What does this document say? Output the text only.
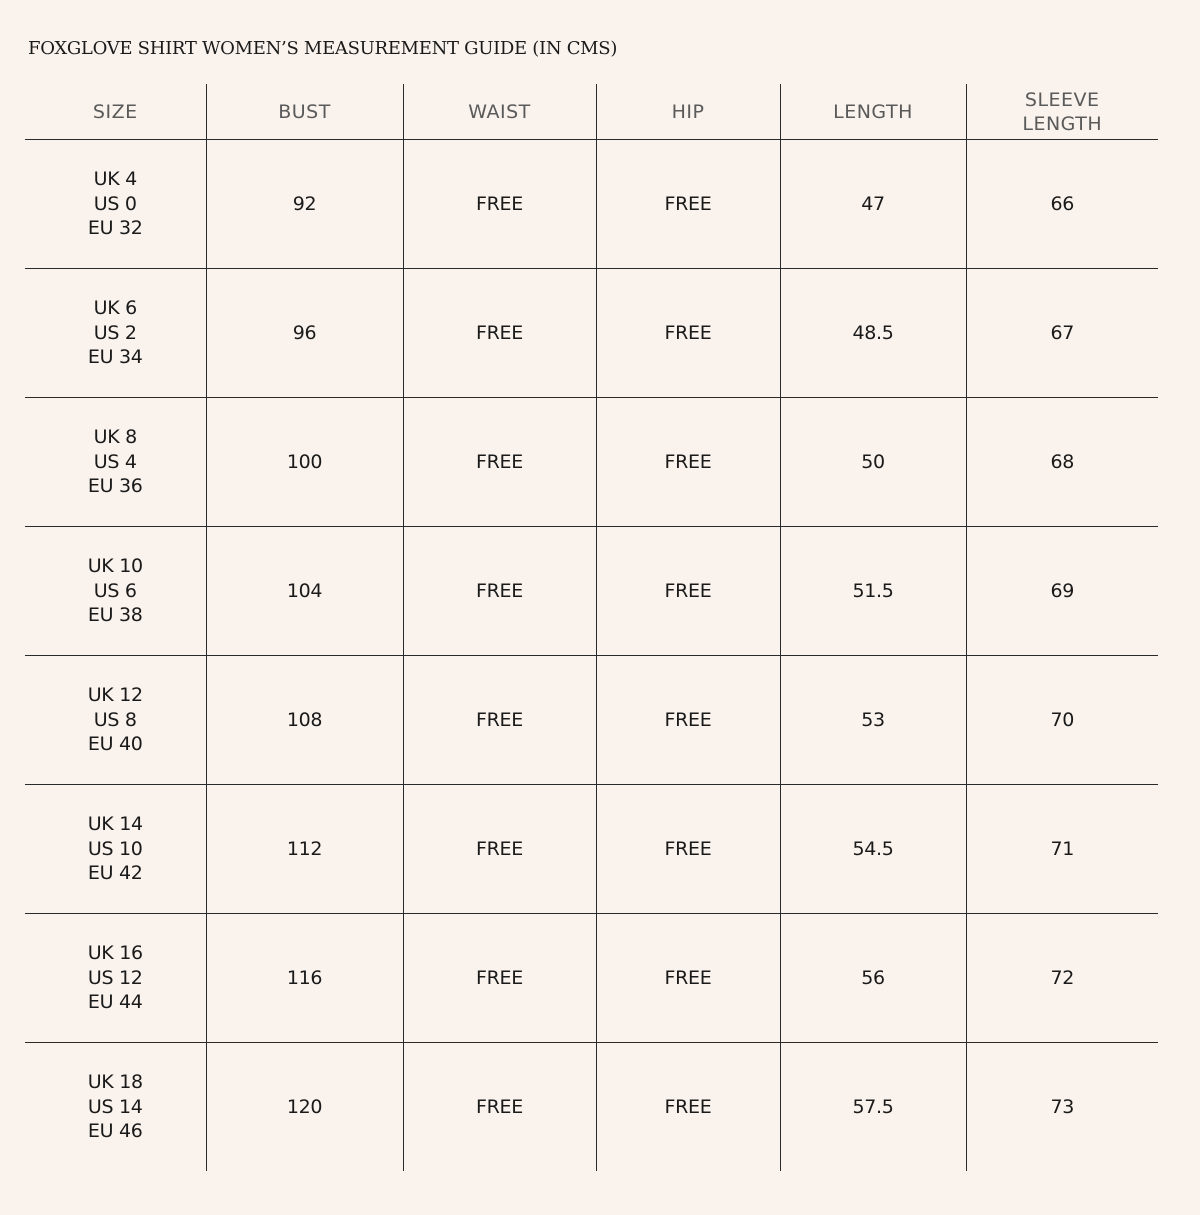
FOXGLOVE SHIRT WOMEN’S MEASUREMENT GUIDE (IN CMS)
SIZE	BUST	WAIST	HIP	LENGTH	SLEEVE
LENGTH

UK 4
US 0
EU 32	92	FREE	FREE	47	66

UK 6
US 2
EU 34	96	FREE	FREE	48.5	67

UK 8
US 4
EU 36	100	FREE	FREE	50	68

UK 10
US 6
EU 38	104	FREE	FREE	51.5	69

UK 12
US 8
EU 40	108	FREE	FREE	53	70

UK 14
US 10
EU 42	112	FREE	FREE	54.5	71

UK 16
US 12
EU 44	116	FREE	FREE	56	72

UK 18
US 14
EU 46	120	FREE	FREE	57.5	73
